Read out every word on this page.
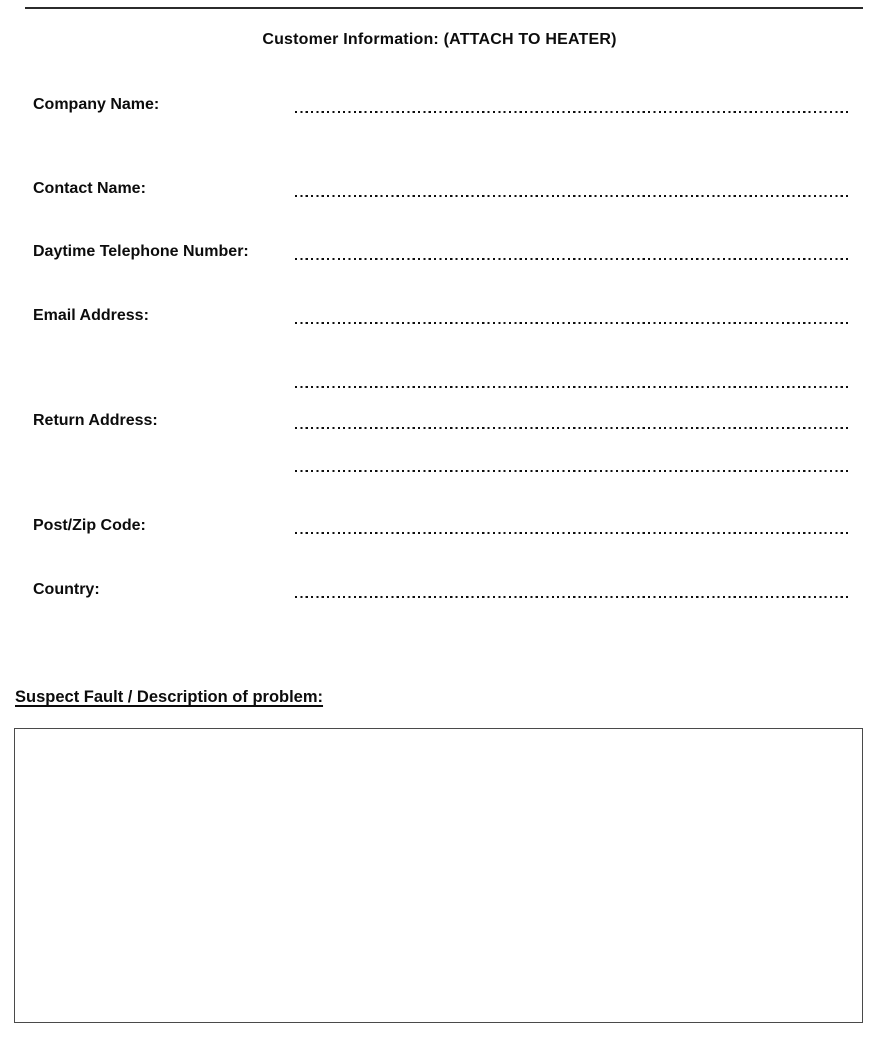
Customer Information: (ATTACH TO HEATER)
Company Name:
Contact Name:
Daytime Telephone Number:
Email Address:
Return Address:
Post/Zip Code:
Country:
Suspect Fault / Description of problem:
